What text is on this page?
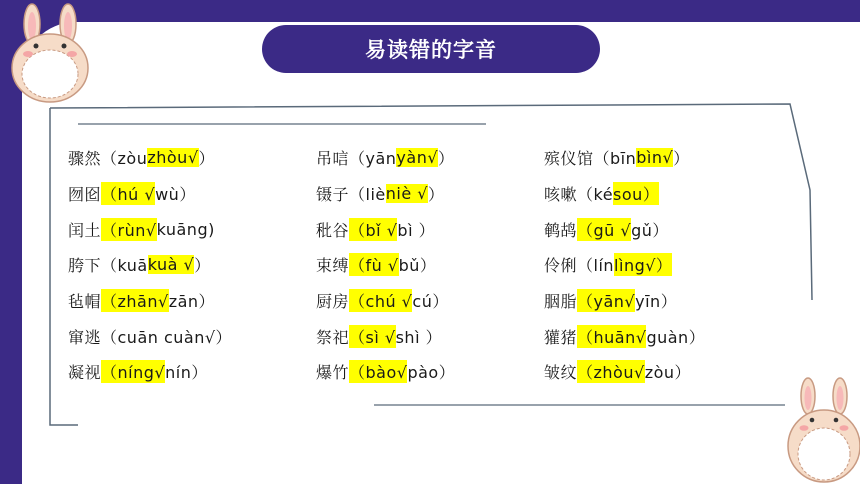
易读错的字音
骤然（zòu zhòu√ ）	吊唁（yān yàn√ ）	殡仪馆（bīn bìn√ ）
囫囵 （hú √ wù）	镊子（liè niè √ ）	咳嗽（ké sou）
闰土 （rùn√ kuāng)	秕谷 （bǐ √ bì ）	鹌鸪 （gū √ gǔ）
胯下（kuā kuà √ ）	束缚 （fù √ bǔ）	伶俐（lín lìng√）
毡帽 （zhān√ zān）	厨房 （chú √ cú）	胭脂 （yān√ yīn）
窜逃（cuān cuàn√）	祭祀 （sì √ shì ）	獾猪 （huān√ guàn）
凝视 （níng√ nín）	爆竹 （bào√ pào）	皱纹 （zhòu√ zòu）
